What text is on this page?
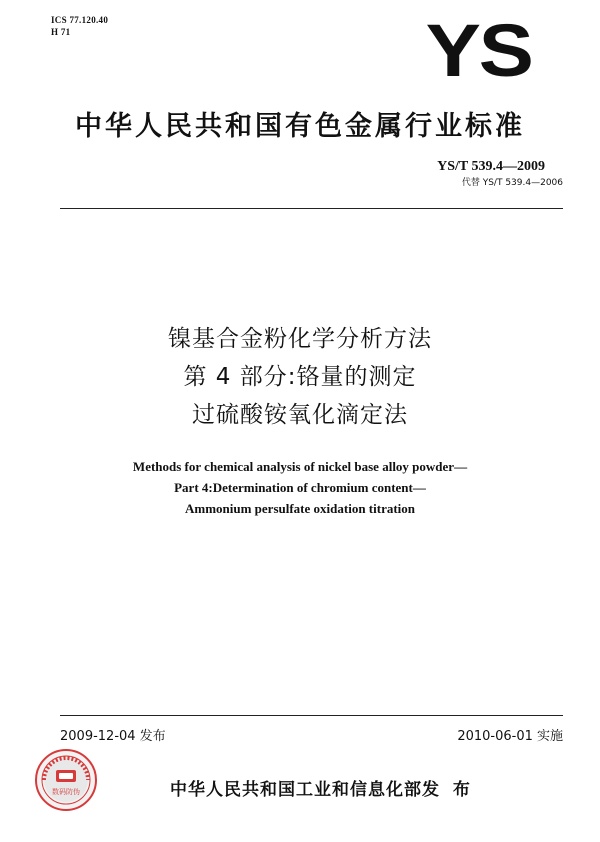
ICS 77.120.40
H 71	YS
中华人民共和国有色金属行业标准
YS/T 539.4—2009
代替 YS/T 539.4—2006
镍基合金粉化学分析方法
第 4 部分:铬量的测定
过硫酸铵氧化滴定法
Methods for chemical analysis of nickel base alloy powder—
Part 4:Determination of chromium content—
Ammonium persulfate oxidation titration
2009-12-04 发布	2010-06-01 实施
数码防伪	中华人民共和国工业和信息化部 发 布
